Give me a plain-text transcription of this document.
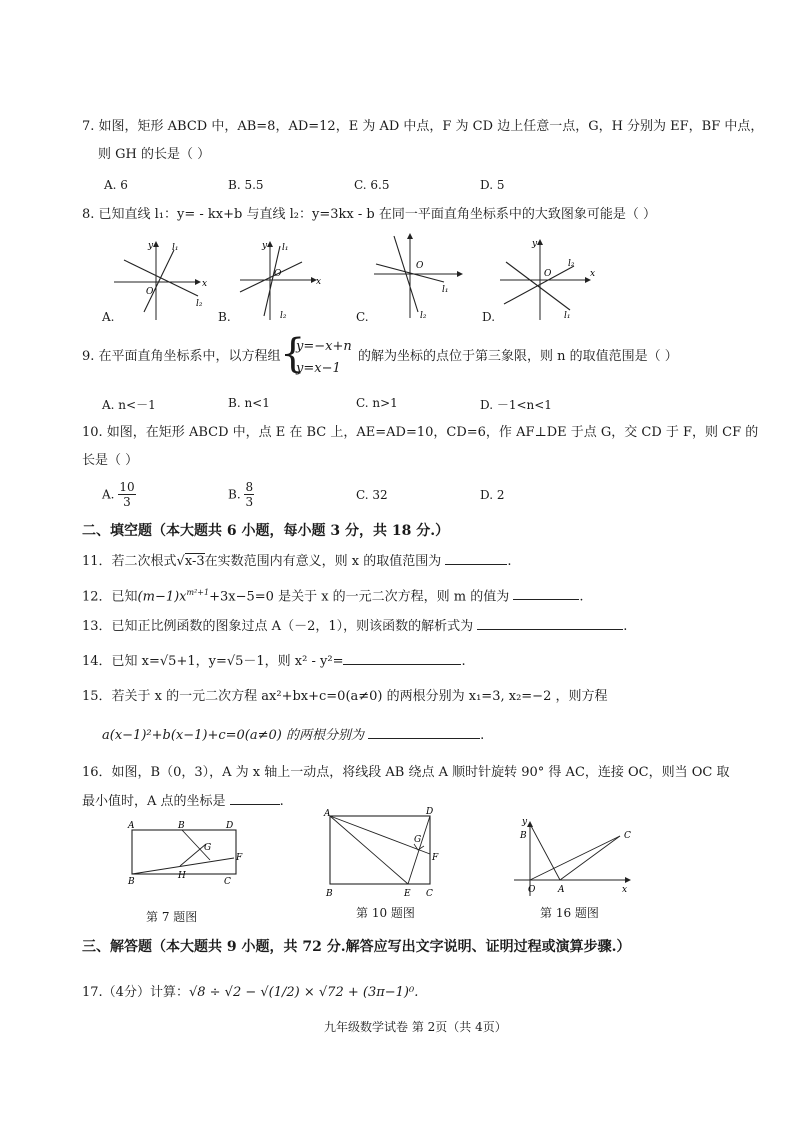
7. 如图，矩形 ABCD 中，AB=8，AD=12，E 为 AD 中点，F 为 CD 边上任意一点，G，H 分别为 EF，BF 中点，
则 GH 的长是（ ）
A. 6	B. 5.5	C. 6.5	D. 5
8. 已知直线 l₁：y= - kx+b 与直线 l₂：y=3kx - b 在同一平面直角坐标系中的大致图象可能是（ ）
y
x
O
l₁
l₂
A.
y
x
O
l₁
l₂
B.
O
l₁
l₂
C.
y
x
O
l₂
l₁
D.
9. 在平面直角坐标系中，以方程组 {
y=−x+n
y=x−1
的解为坐标的点位于第三象限，则 n 的取值范围是（ ）
A. n<－1	B. n<1	C. n>1	D. －1<n<1
10. 如图，在矩形 ABCD 中，点 E 在 BC 上，AE=AD=10，CD=6，作 AF⊥DE 于点 G，交 CD 于 F，则 CF 的
长是（ ）
A. $\frac{10}{3}$	B. $\frac{8}{3}$	C. 32	D. 2
二、填空题（本大题共 6 小题，每小题 3 分，共 18 分.）
11．若二次根式√x-3在实数范围内有意义，则 x 的取值范围为	.
12．已知$(m-1)x^{m^2+1}+3x-5=0$ 是关于 x 的一元二次方程，则 m 的值为	.
13．已知正比例函数的图象过点 A（－2，1），则该函数的解析式为	.
14．已知 x=√5+1，y=√5－1，则 x² - y²=	.
15．若关于 x 的一元二次方程 ax²+bx+c=0(a≠0) 的两根分别为 x₁=3, x₂=−2 ，则方程
a(x−1)²+b(x−1)+c=0(a≠0) 的两根分别为	.
16．如图，B（0，3），A 为 x 轴上一动点，将线段 AB 绕点 A 顺时针旋转 90° 得 AC，连接 OC，则当 OC 取
最小值时，A 点的坐标是	.
A	B	D
B	C
G
F
H
第 7 题图
A	D
B	E C
F
G
第 10 题图
y
B
O	A	x
C
第 16 题图
三、解答题（本大题共 9 小题，共 72 分.解答应写出文字说明、证明过程或演算步骤.）
17.（4分）计算：√8 ÷ √2 − √(1/2) × √72 + (3π−1)⁰.
九年级数学试卷 第 2页（共 4页）
